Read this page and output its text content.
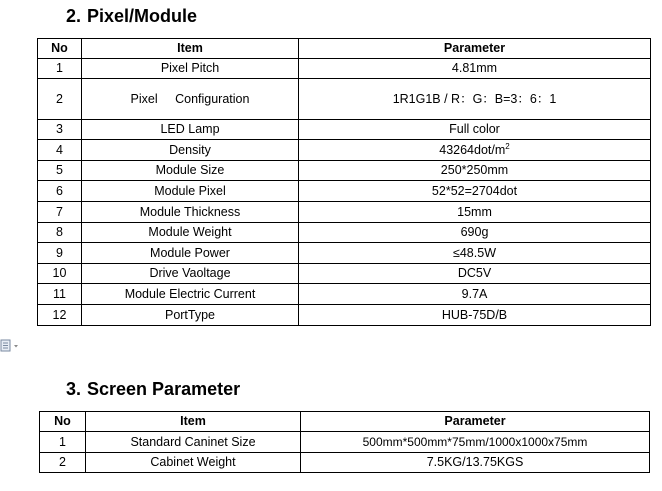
2. Pixel/Module
No	Item	Parameter
1	Pixel Pitch	4.81mm
2	Pixel Configuration	1R1G1B / R：G：B=3：6：1
3	LED Lamp	Full color
4	Density	$43264dot/m^2$
5	Module Size	250*250mm
6	Module Pixel	52*52=2704dot
7	Module Thickness	15mm
8	Module Weight	690g
9	Module Power	≤48.5W
10	Drive Vaoltage	DC5V
11	Module Electric Current	9.7A
12	PortType	HUB-75D/B
3. Screen Parameter
No	Item	Parameter
1	Standard Caninet Size	500mm*500mm*75mm/1000x1000x75mm
2	Cabinet Weight	7.5KG/13.75KGS
